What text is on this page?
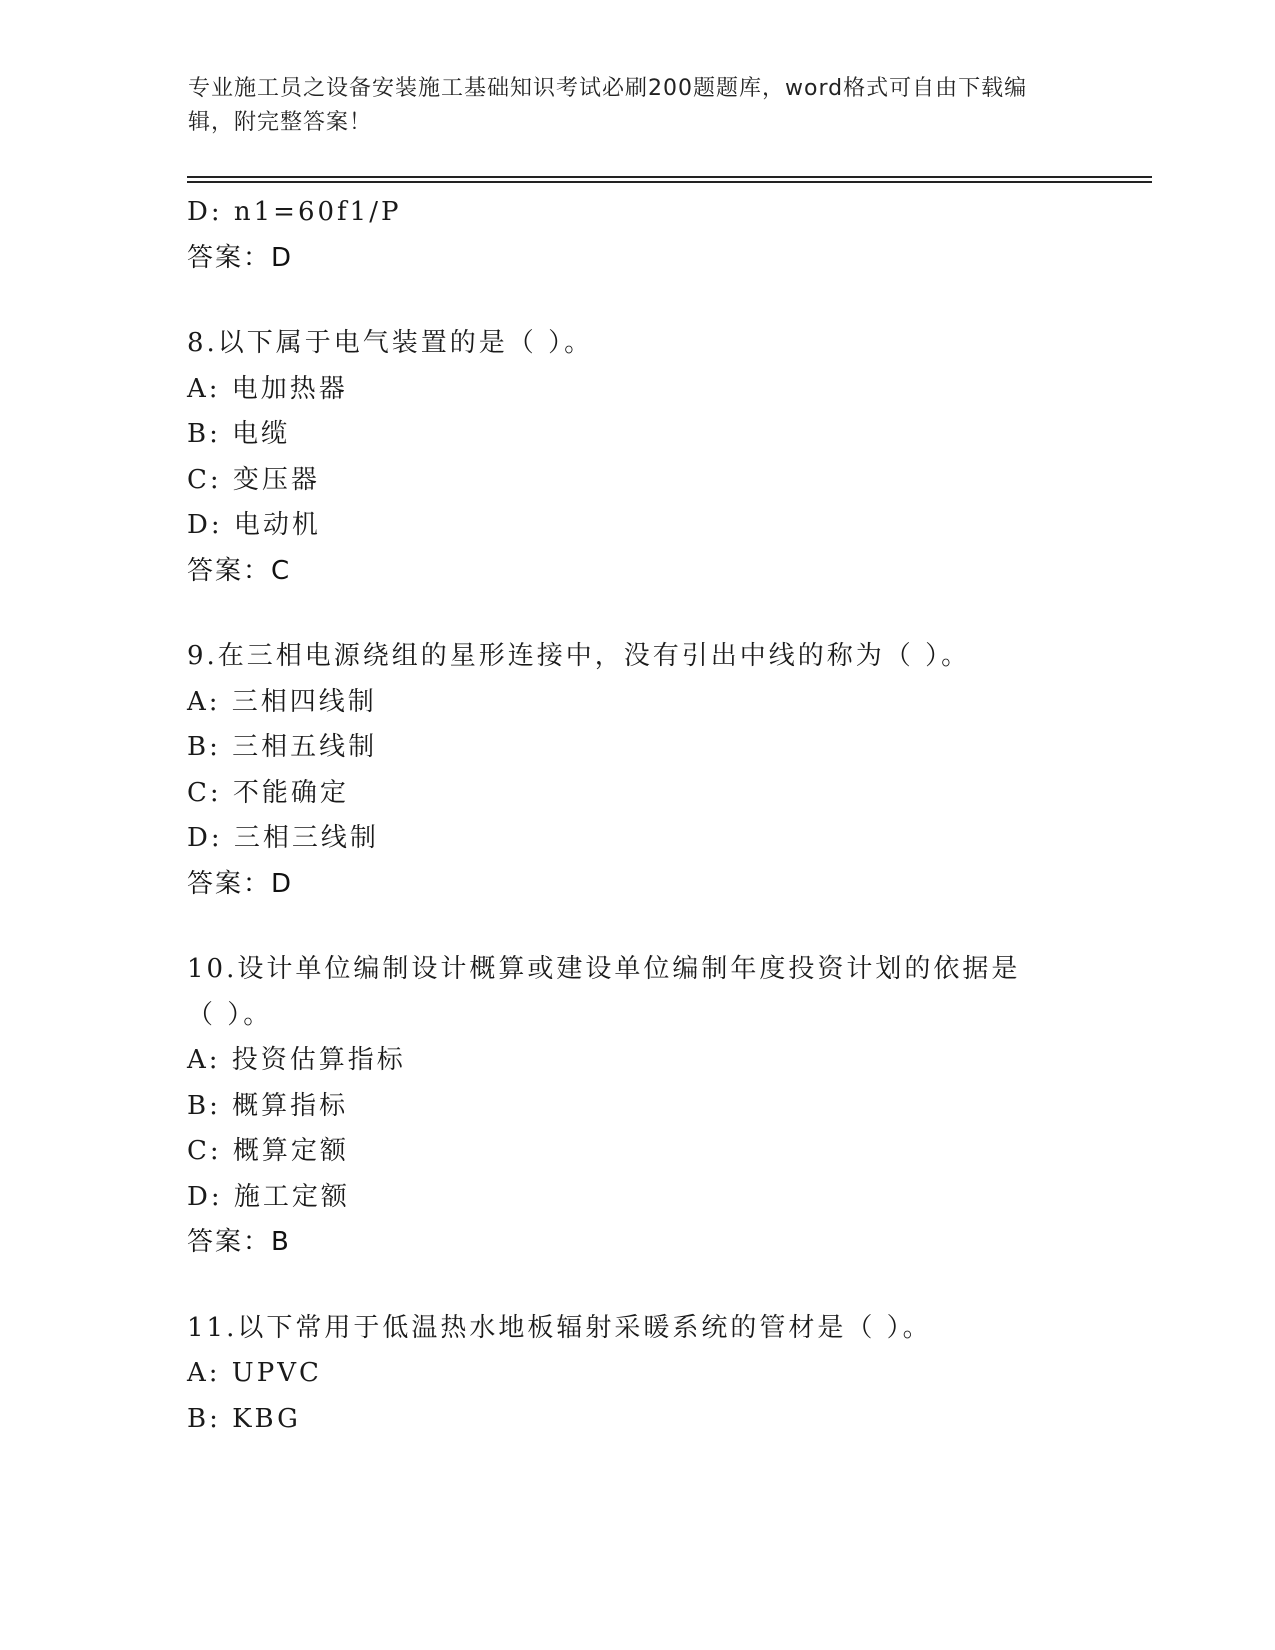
专业施工员之设备安装施工基础知识考试必刷200题题库，word格式可自由下载编辑，附完整答案！
D: n1=60f1/P
答案：D
8.以下属于电气装置的是（ ）。
A: 电加热器
B: 电缆
C: 变压器
D: 电动机
答案：C
9.在三相电源绕组的星形连接中，没有引出中线的称为（ ）。
A: 三相四线制
B: 三相五线制
C: 不能确定
D: 三相三线制
答案：D
10.设计单位编制设计概算或建设单位编制年度投资计划的依据是（ ）。
A: 投资估算指标
B: 概算指标
C: 概算定额
D: 施工定额
答案：B
11.以下常用于低温热水地板辐射采暖系统的管材是（ ）。
A: UPVC
B: KBG
